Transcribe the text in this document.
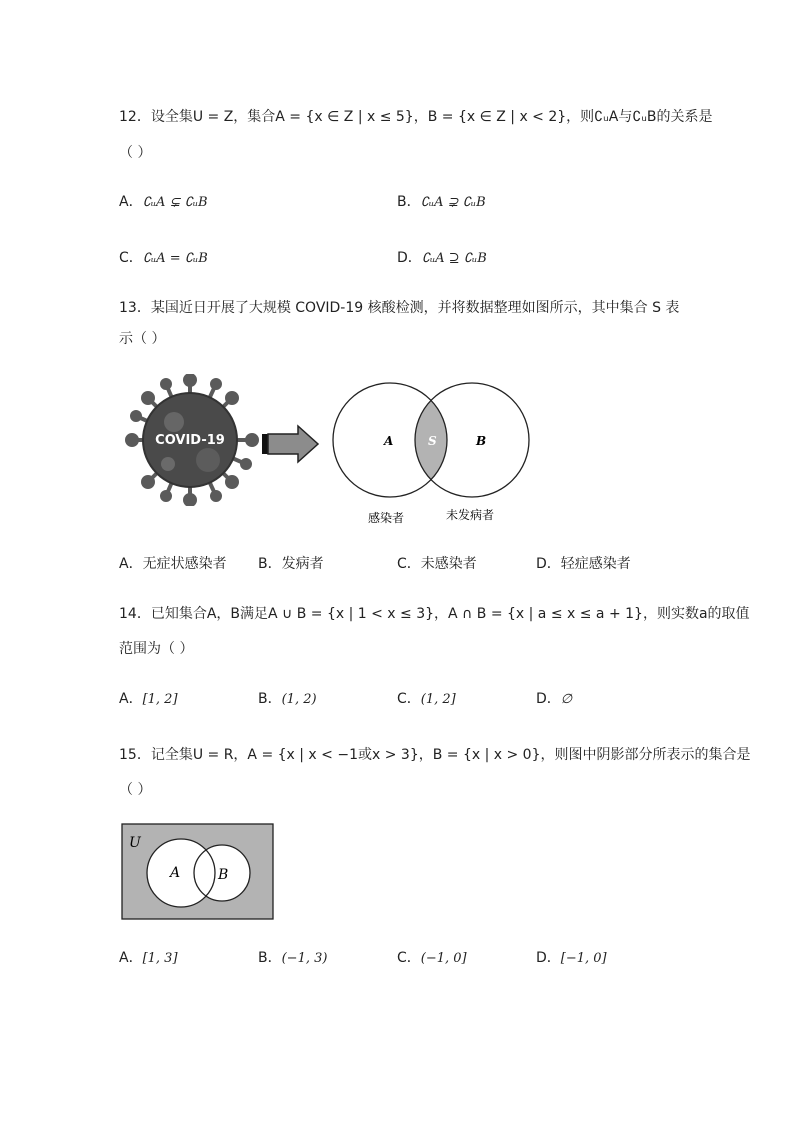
12．设全集U = Z，集合A = {x ∈ Z | x ≤ 5}，B = {x ∈ Z | x < 2}，则∁ᵤA与∁ᵤB的关系是
（ ）
A．∁ᵤA ⊊ ∁ᵤB	B．∁ᵤA ⊋ ∁ᵤB
C．∁ᵤA = ∁ᵤB	D．∁ᵤA ⊇ ∁ᵤB
13．某国近日开展了大规模 COVID-19 核酸检测，并将数据整理如图所示，其中集合 S 表
示（ ）
COVID-19	A	S	B
感染者	未发病者
A．无症状感染者 B．发病者	C．未感染者	D．轻症感染者
14．已知集合A，B满足A ∪ B = {x | 1 < x ≤ 3}，A ∩ B = {x | a ≤ x ≤ a + 1}，则实数a的取值
范围为（ ）
A．[1, 2]	B．(1, 2)	C．(1, 2]	D．∅
15．记全集U = R，A = {x | x < −1或x > 3}，B = {x | x > 0}，则图中阴影部分所表示的集合是
（ ）
U
A	B
A．[1, 3]	B．(−1, 3)	C．(−1, 0]	D．[−1, 0]
